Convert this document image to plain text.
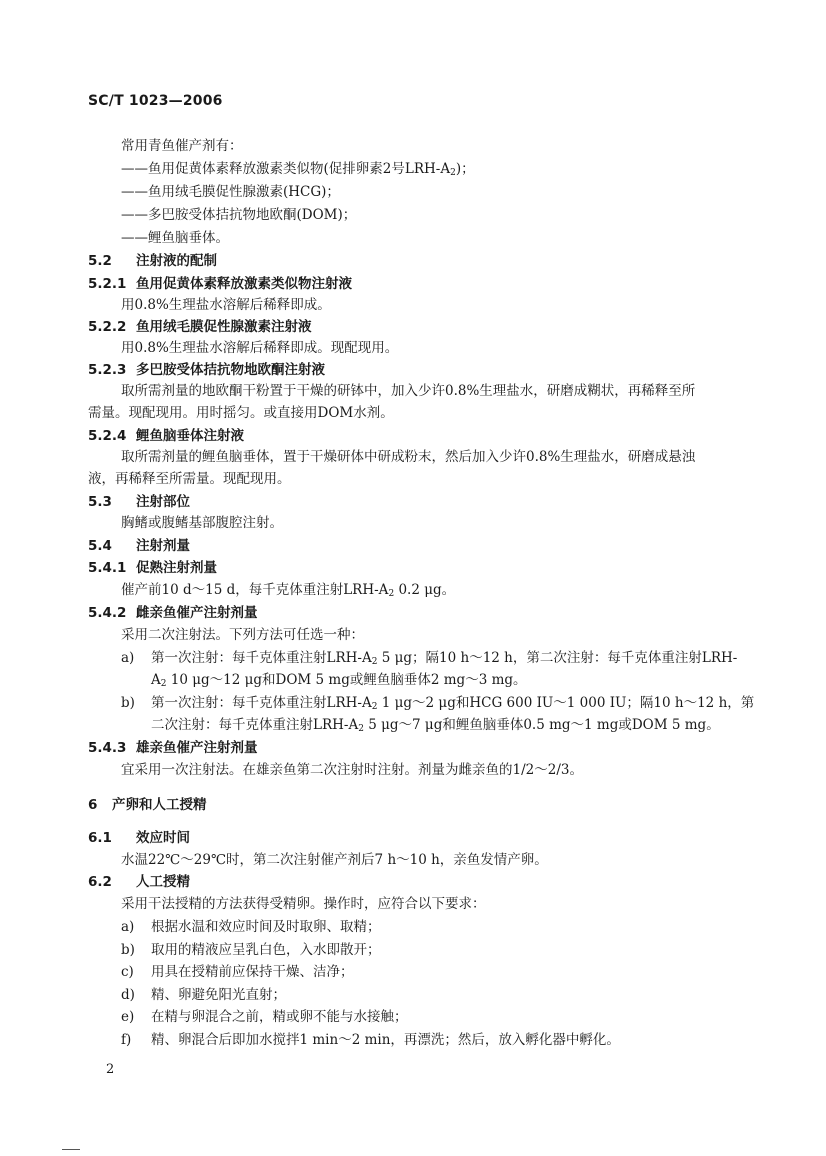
SC/T 1023—2006
常用青鱼催产剂有：
——鱼用促黄体素释放激素类似物(促排卵素2号LRH-$A_2$)；
——鱼用绒毛膜促性腺激素(HCG)；
——多巴胺受体拮抗物地欧酮(DOM)；
——鲤鱼脑垂体。
5.2 注射液的配制
5.2.1 鱼用促黄体素释放激素类似物注射液
用0.8%生理盐水溶解后稀释即成。
5.2.2 鱼用绒毛膜促性腺激素注射液
用0.8%生理盐水溶解后稀释即成。现配现用。
5.2.3 多巴胺受体拮抗物地欧酮注射液
取所需剂量的地欧酮干粉置于干燥的研钵中，加入少许0.8%生理盐水，研磨成糊状，再稀释至所
需量。现配现用。用时摇匀。或直接用DOM水剂。
5.2.4 鲤鱼脑垂体注射液
取所需剂量的鲤鱼脑垂体，置于干燥研体中研成粉末，然后加入少许0.8%生理盐水，研磨成悬浊
液，再稀释至所需量。现配现用。
5.3 注射部位
胸鳍或腹鳍基部腹腔注射。
5.4 注射剂量
5.4.1 促熟注射剂量
催产前10 d～15 d，每千克体重注射LRH-$A_2$ 0.2 μg。
5.4.2 雌亲鱼催产注射剂量
采用二次注射法。下列方法可任选一种：
a) 第一次注射：每千克体重注射LRH-$A_2$ 5 μg；隔10 h～12 h，第二次注射：每千克体重注射LRH-
$A_2$ 10 μg～12 μg和DOM 5 mg或鲤鱼脑垂体2 mg～3 mg。
b) 第一次注射：每千克体重注射LRH-$A_2$ 1 μg～2 μg和HCG 600 IU～1 000 IU；隔10 h～12 h，第
二次注射：每千克体重注射LRH-$A_2$ 5 μg～7 μg和鲤鱼脑垂体0.5 mg～1 mg或DOM 5 mg。
5.4.3 雄亲鱼催产注射剂量
宜采用一次注射法。在雄亲鱼第二次注射时注射。剂量为雌亲鱼的1/2～2/3。
6 产卵和人工授精
6.1 效应时间
水温22℃～29℃时，第二次注射催产剂后7 h～10 h，亲鱼发情产卵。
6.2 人工授精
采用干法授精的方法获得受精卵。操作时，应符合以下要求：
a) 根据水温和效应时间及时取卵、取精；
b) 取用的精液应呈乳白色，入水即散开；
c) 用具在授精前应保持干燥、洁净；
d) 精、卵避免阳光直射；
e) 在精与卵混合之前，精或卵不能与水接触；
f) 精、卵混合后即加水搅拌1 min～2 min，再漂洗；然后，放入孵化器中孵化。
2
